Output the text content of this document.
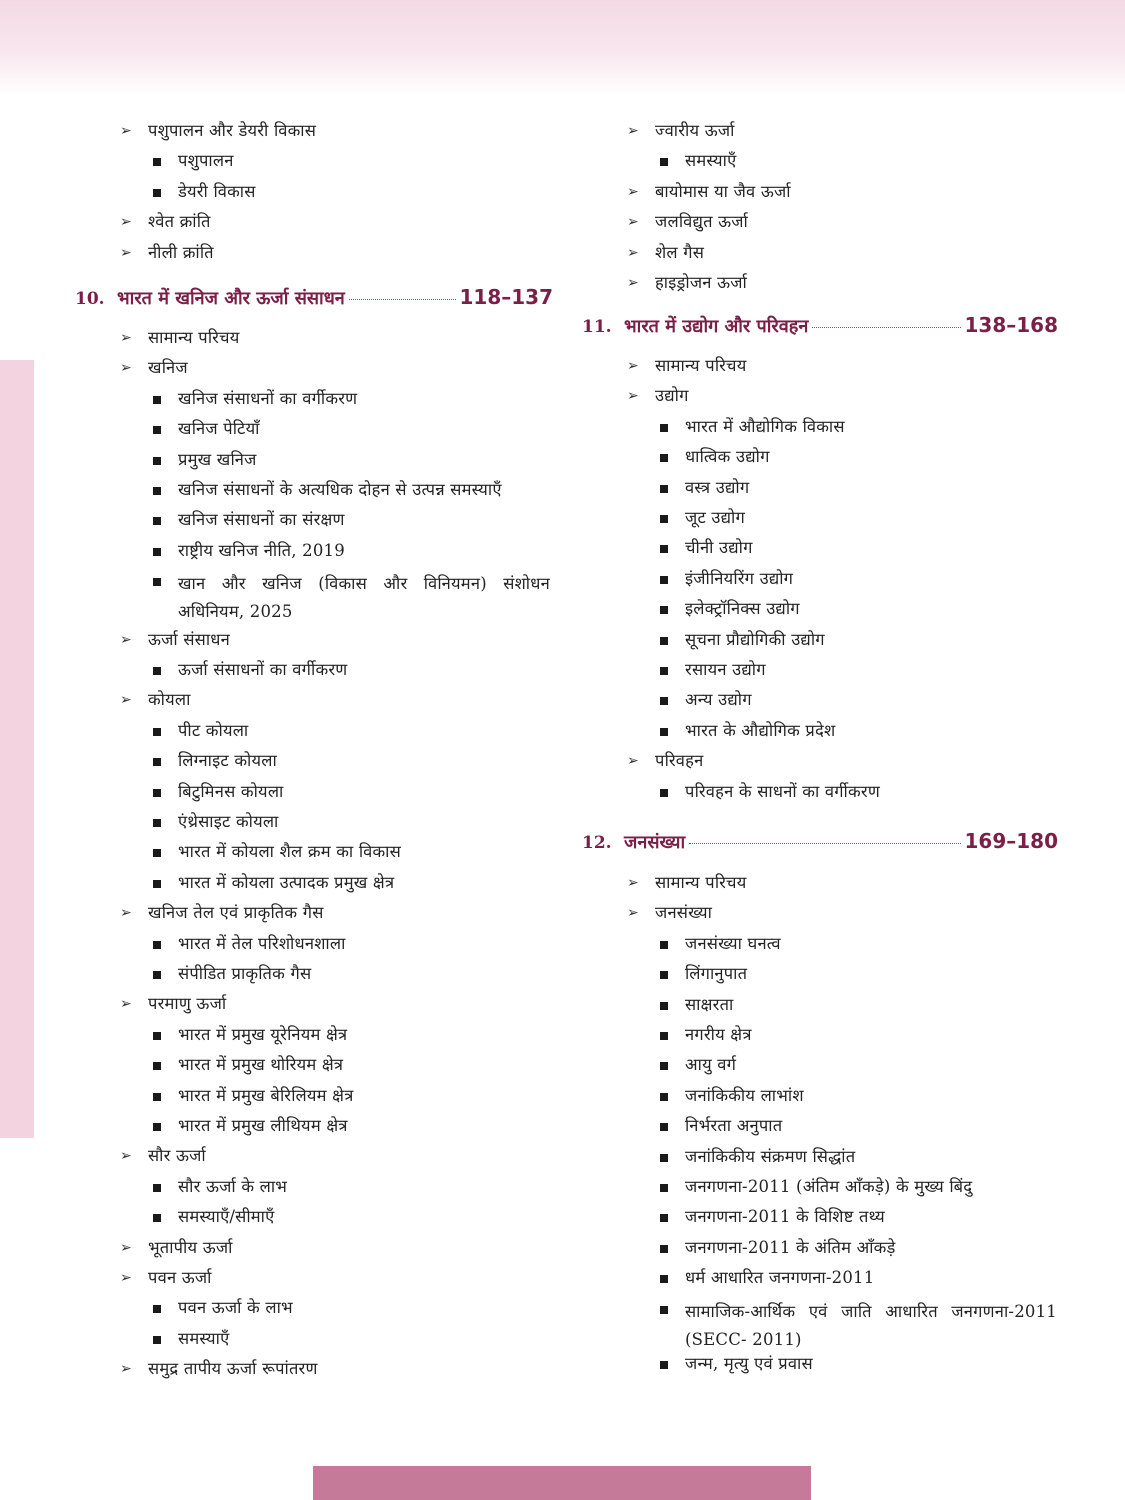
➢ पशुपालन और डेयरी विकास
पशुपालन
डेयरी विकास
➢ श्वेत क्रांति
➢ नीली क्रांति
10. भारत में खनिज और ऊर्जा संसाधन	118–137
➢ सामान्य परिचय
➢ खनिज
खनिज संसाधनों का वर्गीकरण
खनिज पेटियाँ
प्रमुख खनिज
खनिज संसाधनों के अत्यधिक दोहन से उत्पन्न समस्याएँ
खनिज संसाधनों का संरक्षण
राष्ट्रीय खनिज नीति, 2019
खान और खनिज (विकास और विनियमन) संशोधन अधिनियम, 2025
➢ ऊर्जा संसाधन
ऊर्जा संसाधनों का वर्गीकरण
➢ कोयला
पीट कोयला
लिग्नाइट कोयला
बिटुमिनस कोयला
एंथ्रेसाइट कोयला
भारत में कोयला शैल क्रम का विकास
भारत में कोयला उत्पादक प्रमुख क्षेत्र
➢ खनिज तेल एवं प्राकृतिक गैस
भारत में तेल परिशोधनशाला
संपीडित प्राकृतिक गैस
➢ परमाणु ऊर्जा
भारत में प्रमुख यूरेनियम क्षेत्र
भारत में प्रमुख थोरियम क्षेत्र
भारत में प्रमुख बेरिलियम क्षेत्र
भारत में प्रमुख लीथियम क्षेत्र
➢ सौर ऊर्जा
सौर ऊर्जा के लाभ
समस्याएँ/सीमाएँ
➢ भूतापीय ऊर्जा
➢ पवन ऊर्जा
पवन ऊर्जा के लाभ
समस्याएँ
➢ समुद्र तापीय ऊर्जा रूपांतरण
➢ ज्वारीय ऊर्जा
समस्याएँ
➢ बायोमास या जैव ऊर्जा
➢ जलविद्युत ऊर्जा
➢ शेल गैस
➢ हाइड्रोजन ऊर्जा
11. भारत में उद्योग और परिवहन	138–168
➢ सामान्य परिचय
➢ उद्योग
भारत में औद्योगिक विकास
धात्विक उद्योग
वस्त्र उद्योग
जूट उद्योग
चीनी उद्योग
इंजीनियरिंग उद्योग
इलेक्ट्रॉनिक्स उद्योग
सूचना प्रौद्योगिकी उद्योग
रसायन उद्योग
अन्य उद्योग
भारत के औद्योगिक प्रदेश
➢ परिवहन
परिवहन के साधनों का वर्गीकरण
12. जनसंख्या	169–180
➢ सामान्य परिचय
➢ जनसंख्या
जनसंख्या घनत्व
लिंगानुपात
साक्षरता
नगरीय क्षेत्र
आयु वर्ग
जनांकिकीय लाभांश
निर्भरता अनुपात
जनांकिकीय संक्रमण सिद्धांत
जनगणना-2011 (अंतिम आँकड़े) के मुख्य बिंदु
जनगणना-2011 के विशिष्ट तथ्य
जनगणना-2011 के अंतिम आँकड़े
धर्म आधारित जनगणना-2011
सामाजिक-आर्थिक एवं जाति आधारित जनगणना-2011 (SECC- 2011)
जन्म, मृत्यु एवं प्रवास
